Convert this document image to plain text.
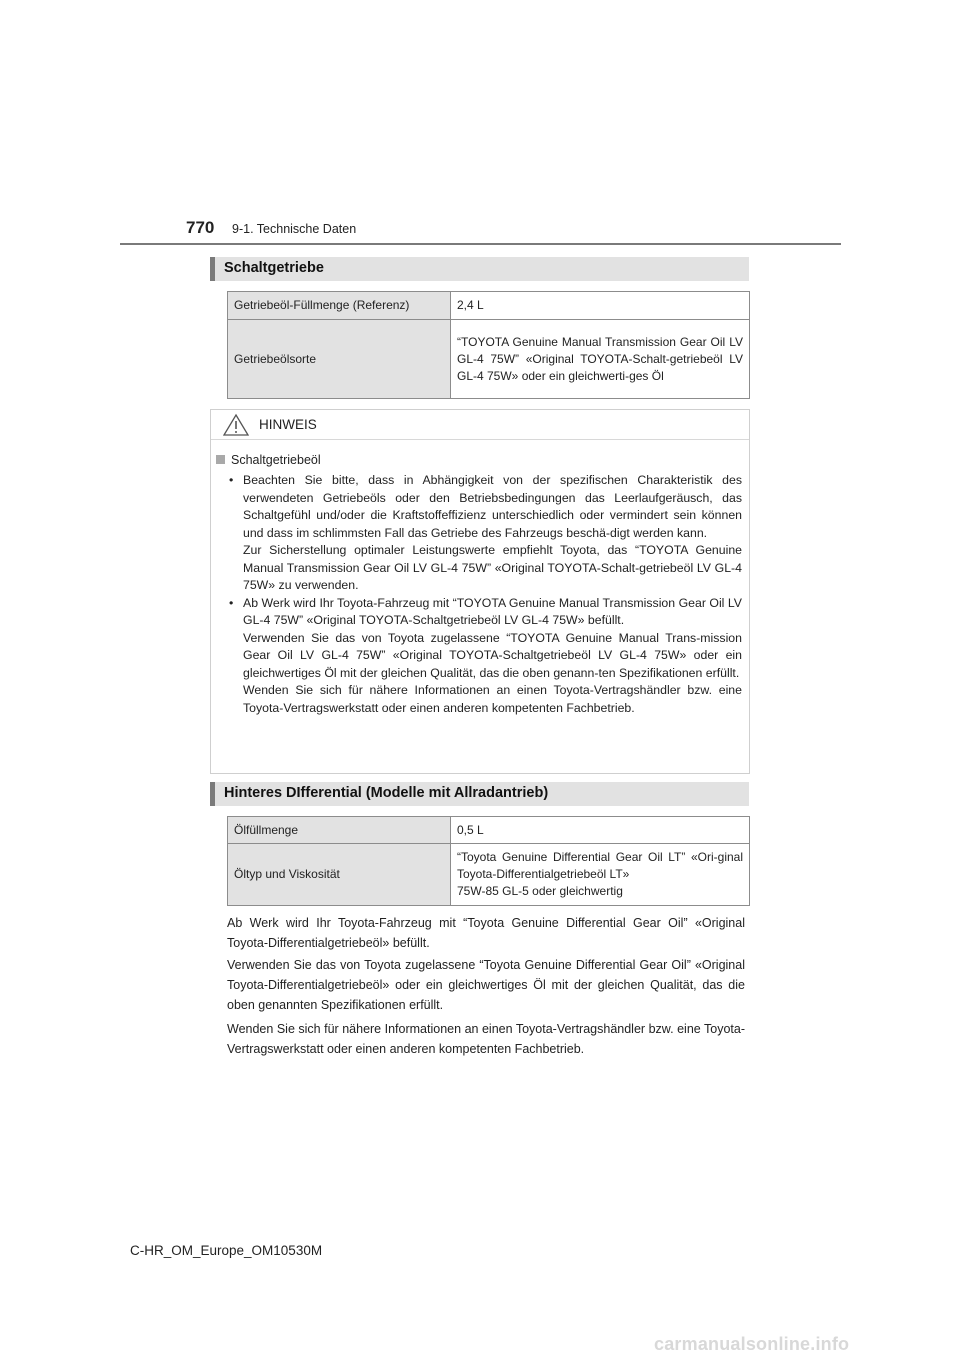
770 9-1. Technische Daten
Schaltgetriebe
Getriebeöl-Füllmenge (Referenz)	2,4 L
Getriebeölsorte	“TOYOTA Genuine Manual Transmission Gear Oil LV GL-4 75W” «Original TOYOTA-Schalt-getriebeöl LV GL-4 75W» oder ein gleichwerti-ges Öl
HINWEIS
Schaltgetriebeöl
• Beachten Sie bitte, dass in Abhängigkeit von der spezifischen Charakteristik des verwendeten Getriebeöls oder den Betriebsbedingungen das Leerlaufgeräusch, das Schaltgefühl und/oder die Kraftstoffeffizienz unterschiedlich oder vermindert sein können und dass im schlimmsten Fall das Getriebe des Fahrzeugs beschä-digt werden kann.

Zur Sicherstellung optimaler Leistungswerte empfiehlt Toyota, das “TOYOTA Genuine Manual Transmission Gear Oil LV GL-4 75W” «Original TOYOTA-Schalt-getriebeöl LV GL-4 75W» zu verwenden.

• Ab Werk wird Ihr Toyota-Fahrzeug mit “TOYOTA Genuine Manual Transmission Gear Oil LV GL-4 75W” «Original TOYOTA-Schaltgetriebeöl LV GL-4 75W» befüllt.

Verwenden Sie das von Toyota zugelassene “TOYOTA Genuine Manual Trans-mission Gear Oil LV GL-4 75W” «Original TOYOTA-Schaltgetriebeöl LV GL-4 75W» oder ein gleichwertiges Öl mit der gleichen Qualität, das die oben genann-ten Spezifikationen erfüllt.

Wenden Sie sich für nähere Informationen an einen Toyota-Vertragshändler bzw. eine Toyota-Vertragswerkstatt oder einen anderen kompetenten Fachbetrieb.

Hinteres DIfferential (Modelle mit Allradantrieb)
Ölfüllmenge	0,5 L
Öltyp und Viskosität	“Toyota Genuine Differential Gear Oil LT” «Ori-ginal Toyota-Differentialgetriebeöl LT»
75W-85 GL-5 oder gleichwertig

Ab Werk wird Ihr Toyota-Fahrzeug mit “Toyota Genuine Differential Gear Oil” «Original Toyota-Differentialgetriebeöl» befüllt.

Verwenden Sie das von Toyota zugelassene “Toyota Genuine Differential Gear Oil” «Original Toyota-Differentialgetriebeöl» oder ein gleichwertiges Öl mit der gleichen Qualität, das die oben genannten Spezifikationen erfüllt.

Wenden Sie sich für nähere Informationen an einen Toyota-Vertragshändler bzw. eine Toyota-Vertragswerkstatt oder einen anderen kompetenten Fachbetrieb.

C-HR_OM_Europe_OM10530M
carmanualsonline.info
